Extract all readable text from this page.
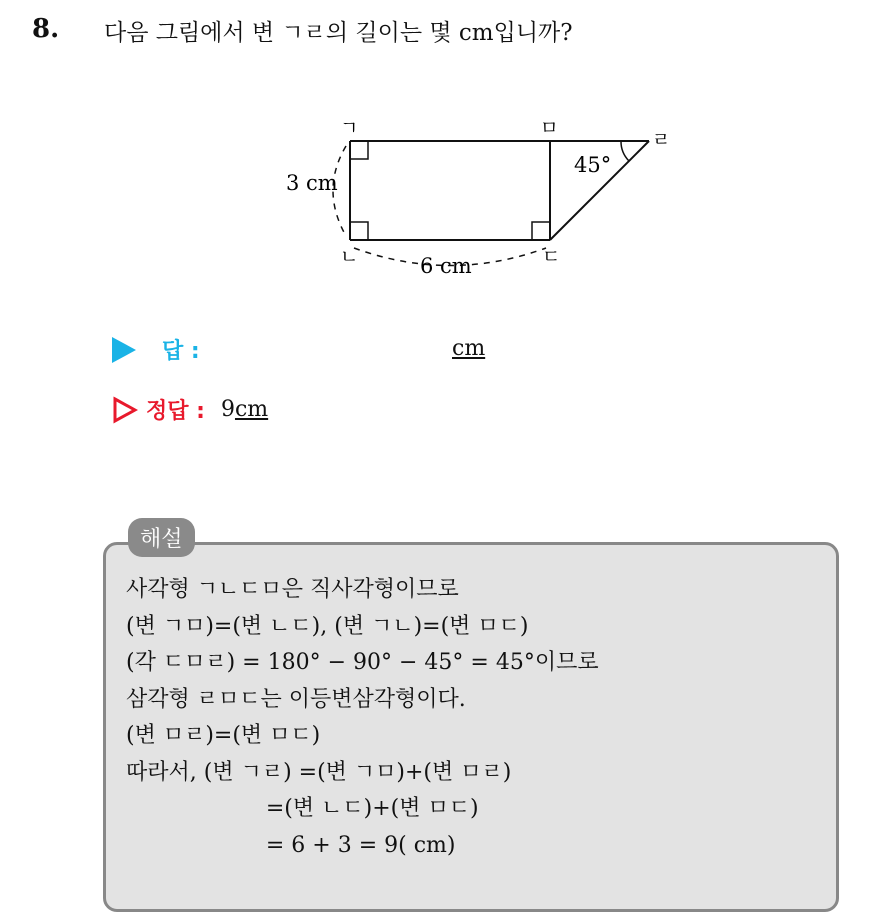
8. 다음 그림에서 변 ㄱㄹ의 길이는 몇 cm입니까?
ㄱ
ㄴ	ㄷ
ㄹ
ㅁ
3 cm
6 cm
45°
답 :	cm
정답 : 9cm
해설
사각형 ㄱㄴㄷㅁ은 직사각형이므로
(변 ㄱㅁ)=(변 ㄴㄷ), (변 ㄱㄴ)=(변 ㅁㄷ)
(각 ㄷㅁㄹ) = 180° − 90° − 45° = 45°이므로
삼각형 ㄹㅁㄷ는 이등변삼각형이다.
(변 ㅁㄹ)=(변 ㅁㄷ)
따라서, (변 ㄱㄹ) =(변 ㄱㅁ)+(변 ㅁㄹ)
=(변 ㄴㄷ)+(변 ㅁㄷ)
= 6 + 3 = 9( cm)
